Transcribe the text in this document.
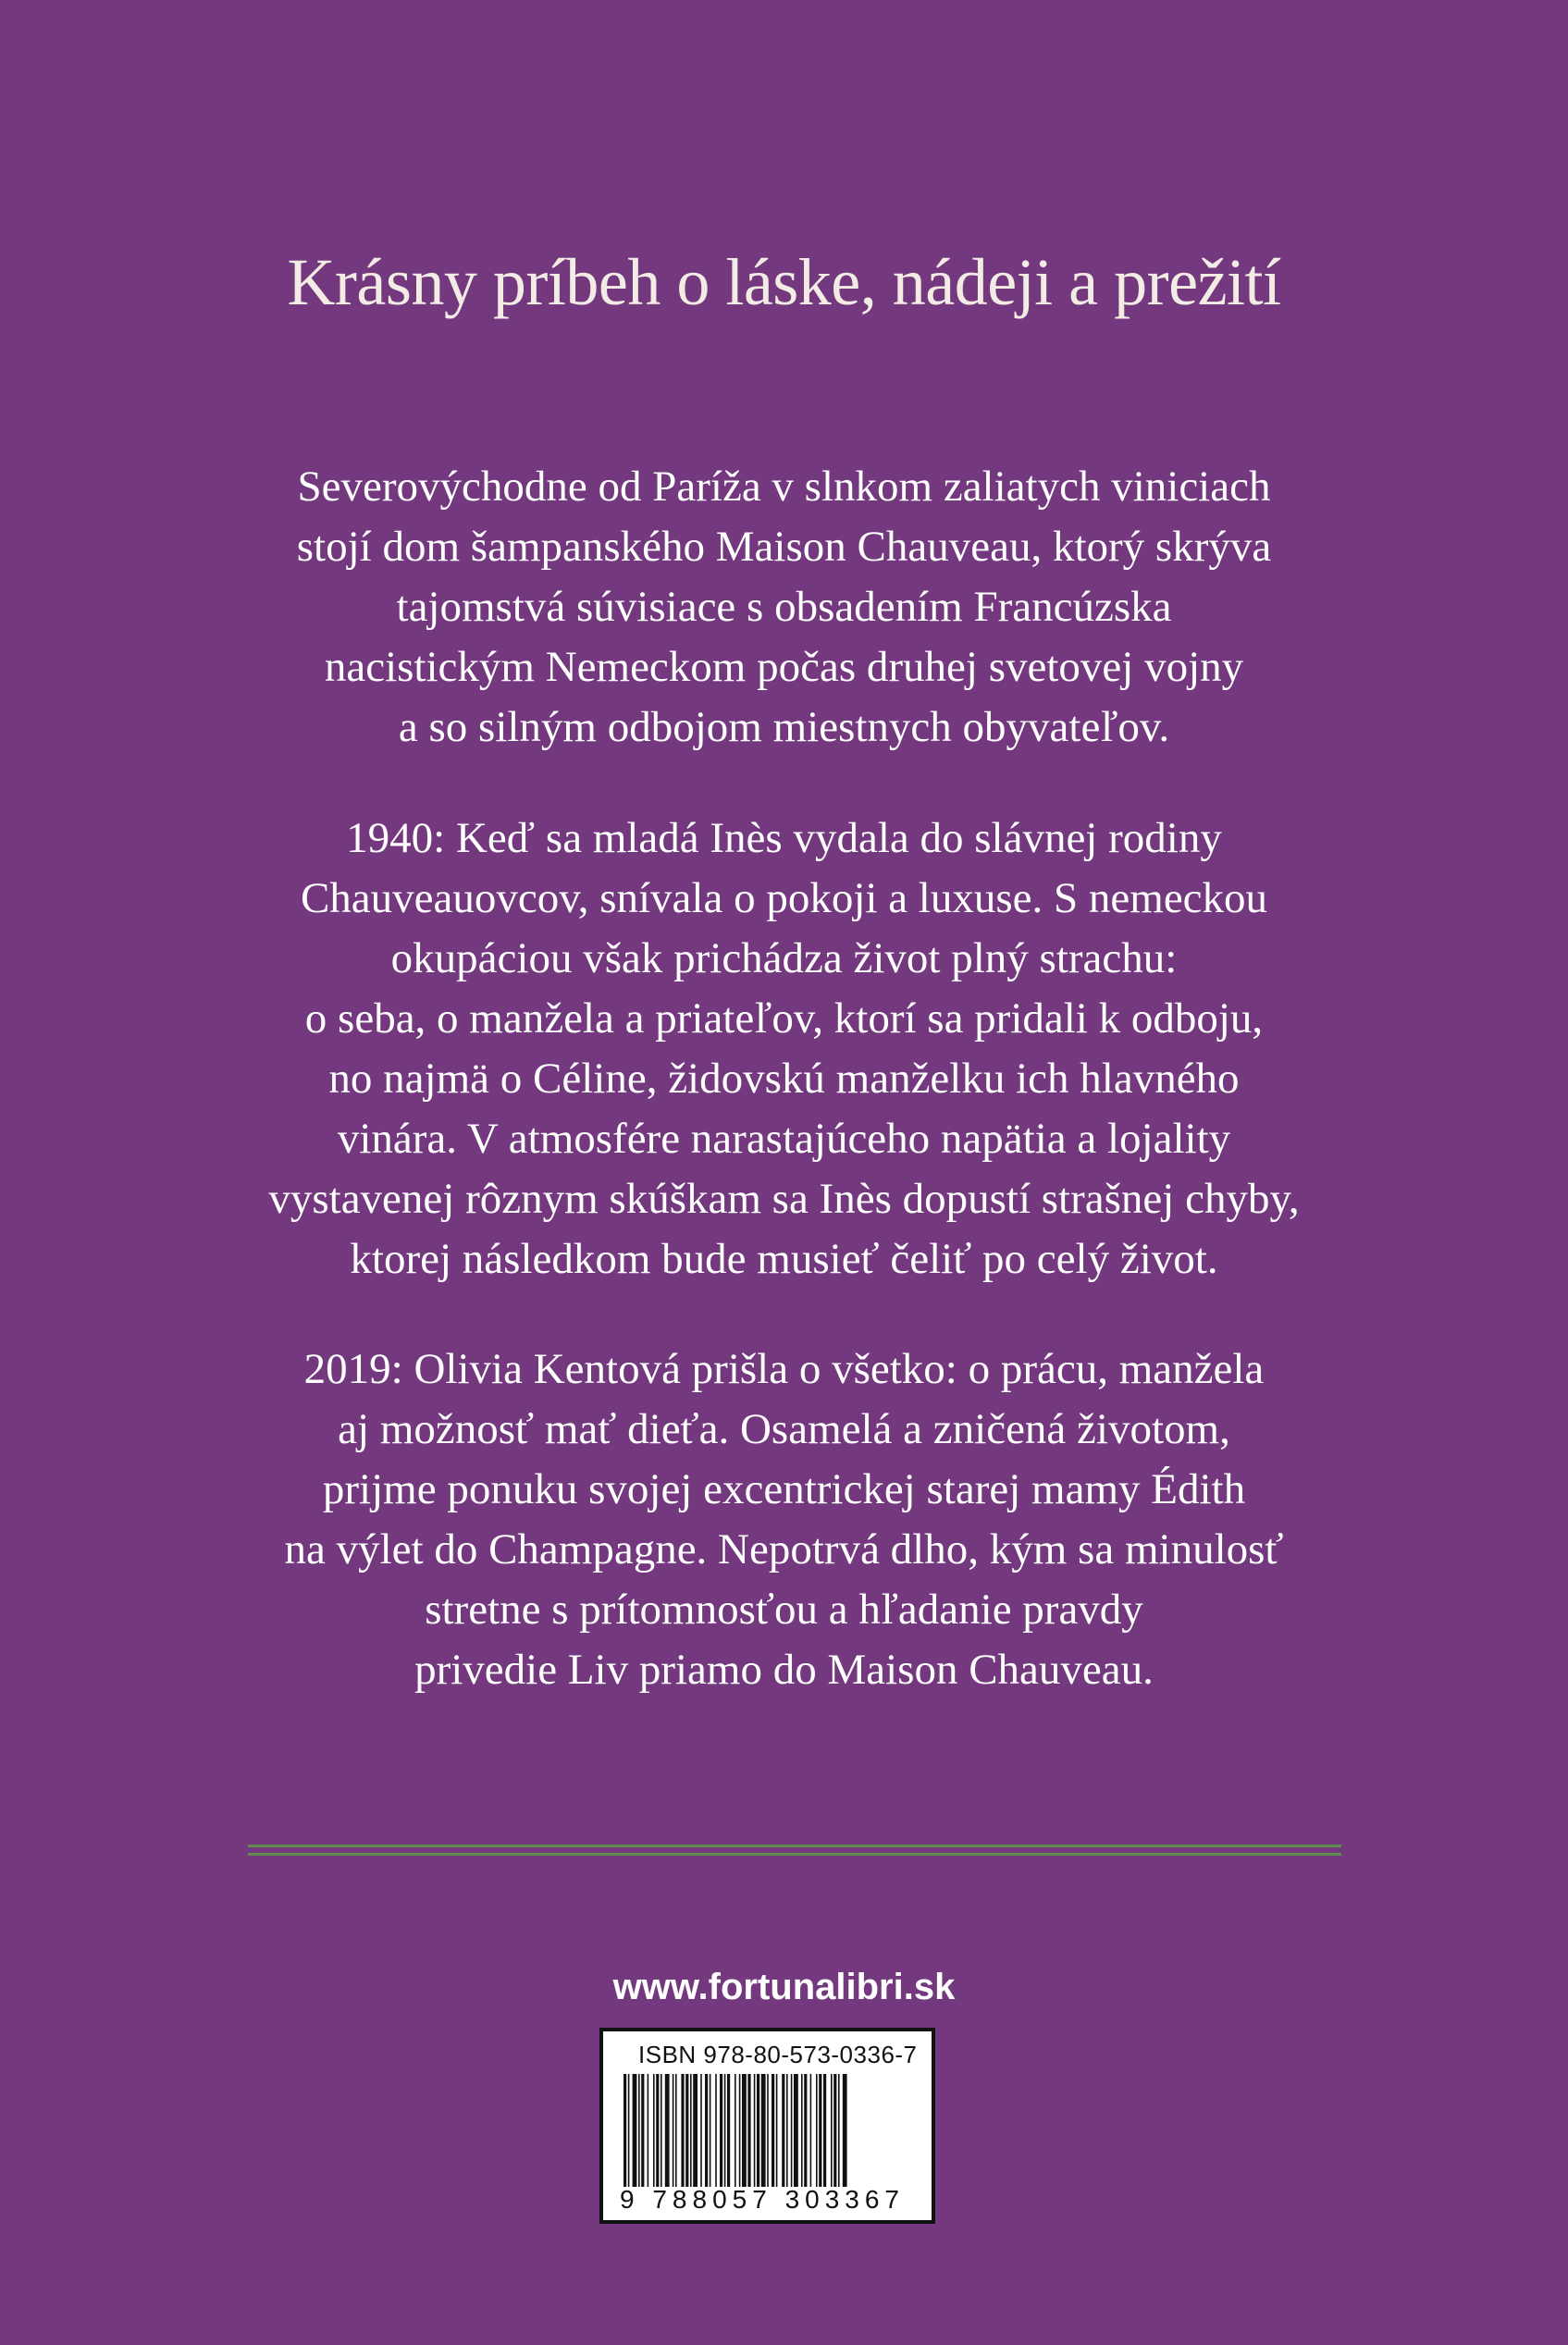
Krásny príbeh o láske, nádeji a prežití
Severovýchodne od Paríža v slnkom zaliatych viniciach
stojí dom šampanského Maison Chauveau, ktorý skrýva
tajomstvá súvisiace s obsadením Francúzska
nacistickým Nemeckom počas druhej svetovej vojny
a so silným odbojom miestnych obyvateľov.
1940: Keď sa mladá Inès vydala do slávnej rodiny
Chauveauovcov, snívala o pokoji a luxuse. S nemeckou
okupáciou však prichádza život plný strachu:
o seba, o manžela a priateľov, ktorí sa pridali k odboju,
no najmä o Céline, židovskú manželku ich hlavného
vinára. V atmosfére narastajúceho napätia a lojality
vystavenej rôznym skúškam sa Inès dopustí strašnej chyby,
ktorej následkom bude musieť čeliť po celý život.
2019: Olivia Kentová prišla o všetko: o prácu, manžela
aj možnosť mať dieťa. Osamelá a zničená životom,
prijme ponuku svojej excentrickej starej mamy Édith
na výlet do Champagne. Nepotrvá dlho, kým sa minulosť
stretne s prítomnosťou a hľadanie pravdy
privedie Liv priamo do Maison Chauveau.
www.fortunalibri.sk
ISBN 978-80-573-0336-7
9 788057 303367
